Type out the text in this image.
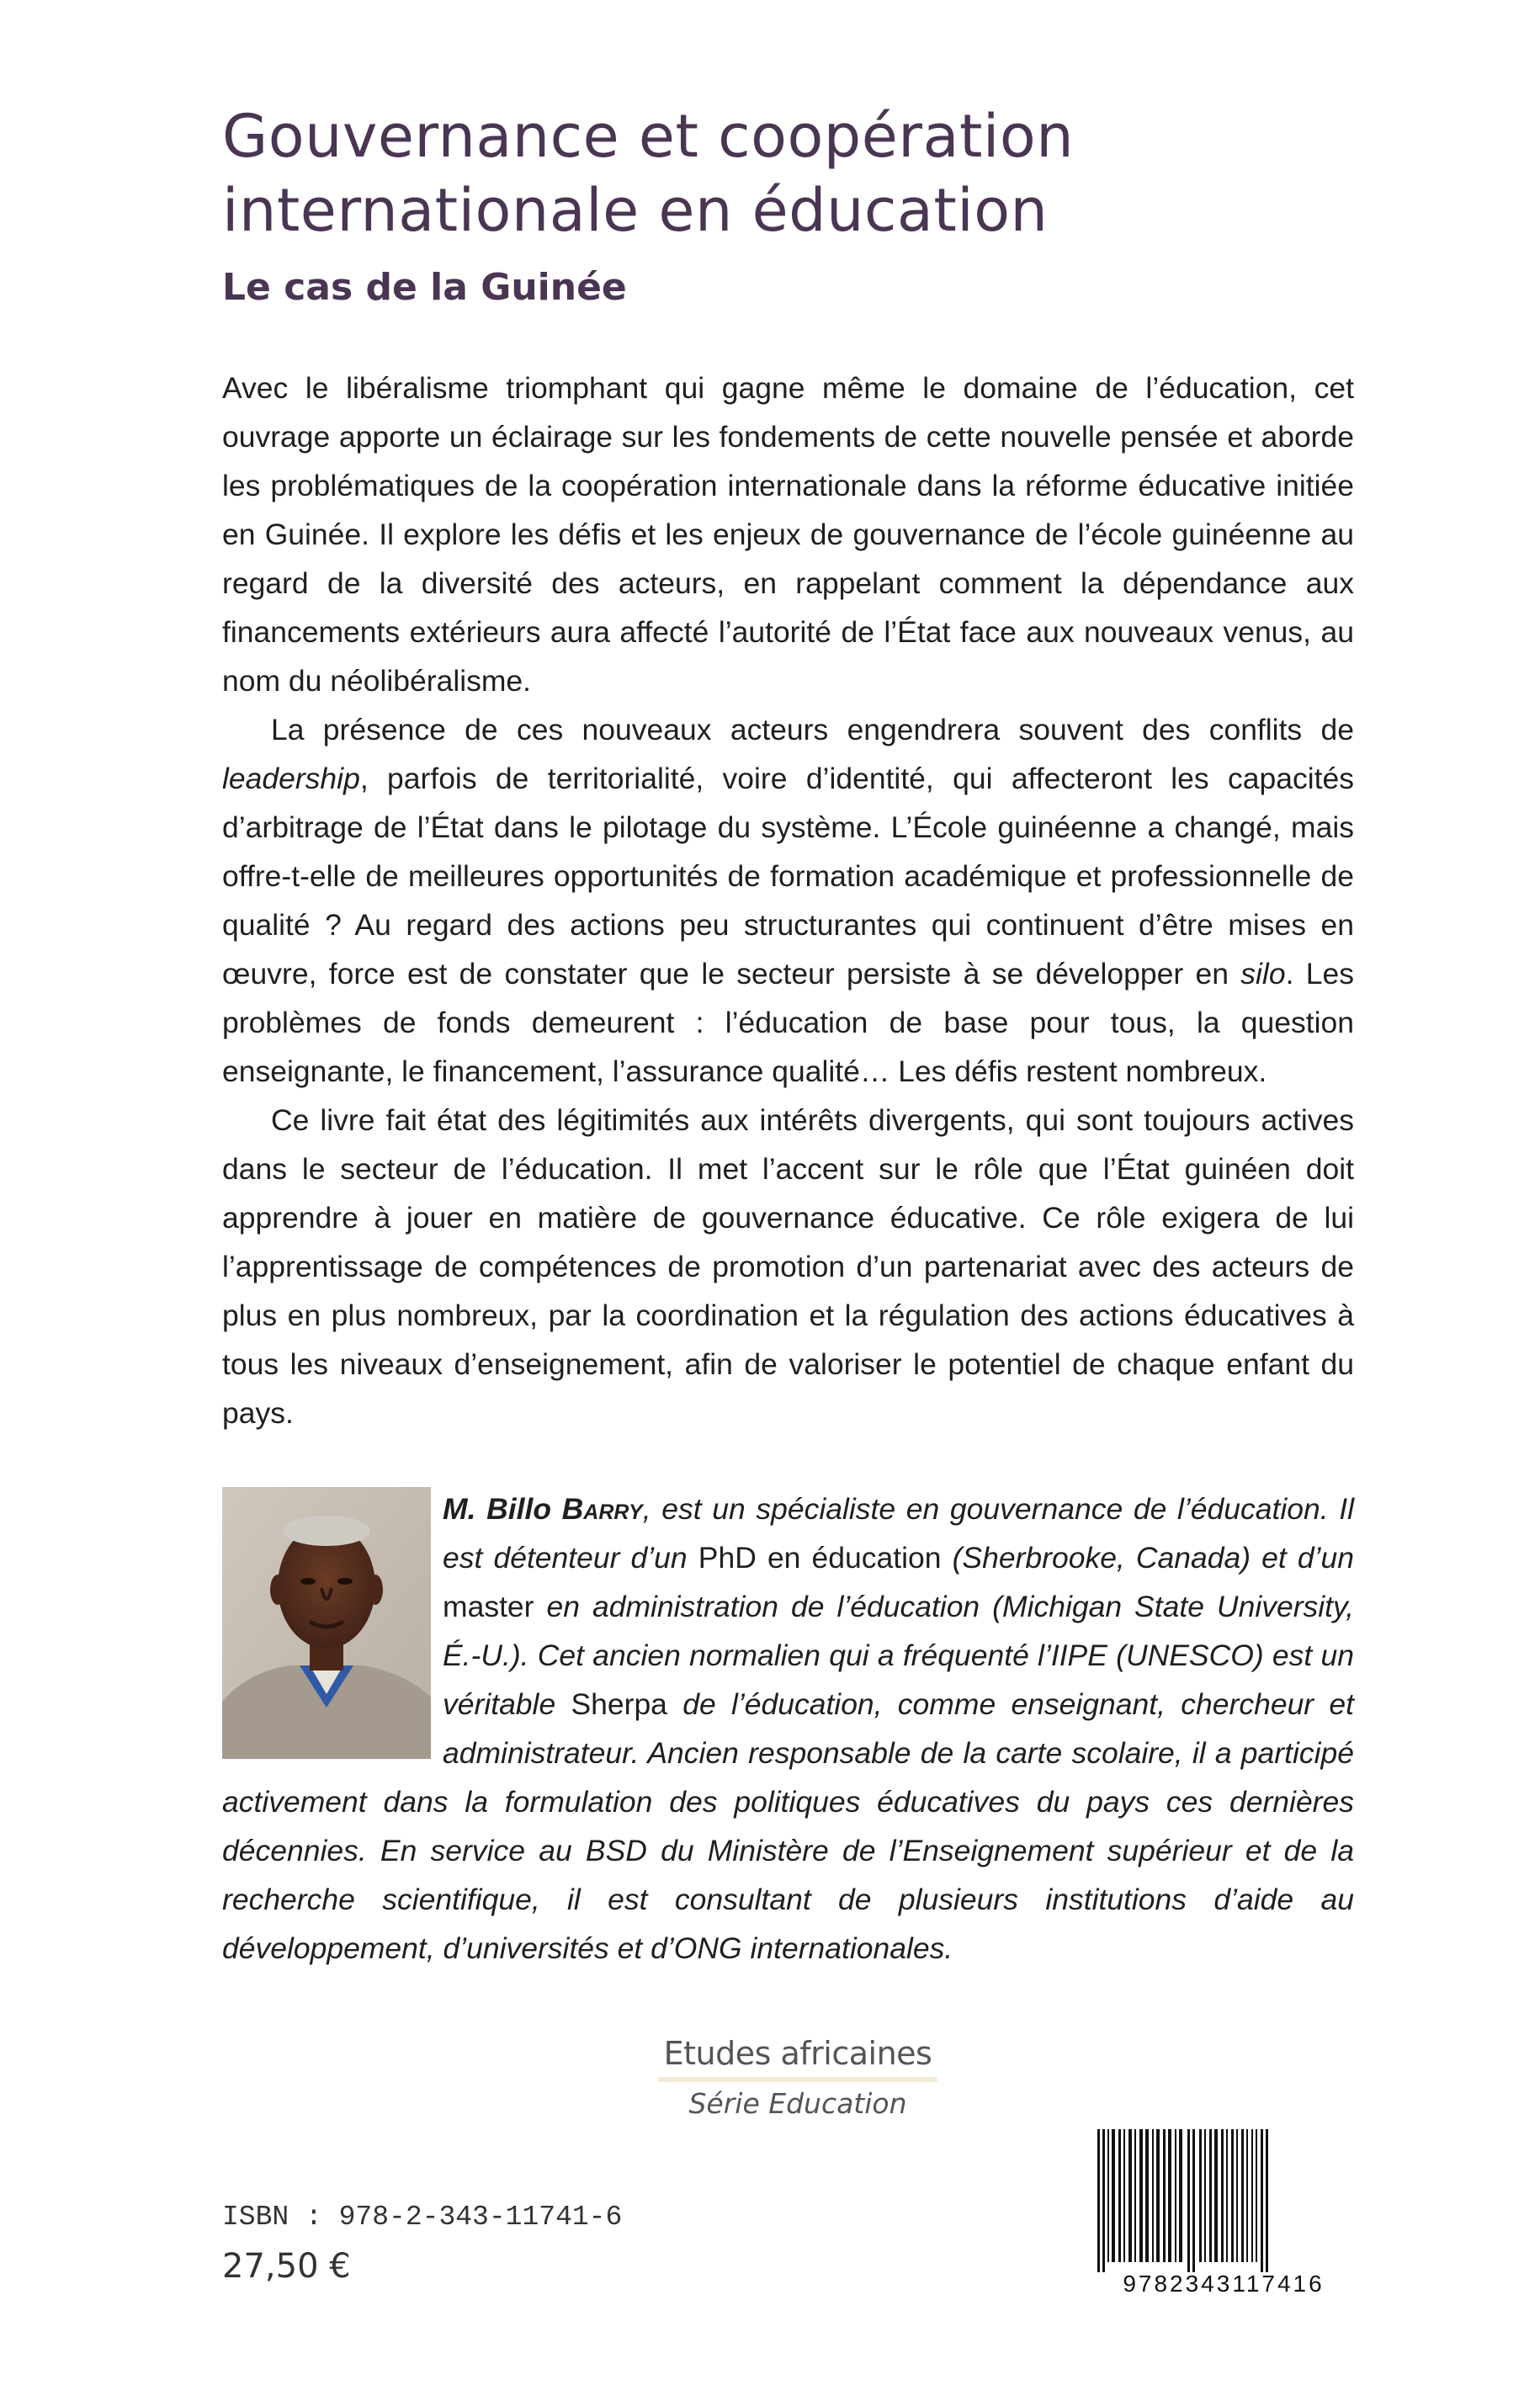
Gouvernance et coopération internationale en éducation
Le cas de la Guinée

Avec le libéralisme triomphant qui gagne même le domaine de l’éducation, cet ouvrage apporte un éclairage sur les fondements de cette nouvelle pensée et aborde les problématiques de la coopération internationale dans la réforme éducative initiée en Guinée. Il explore les défis et les enjeux de gouvernance de l’école guinéenne au regard de la diversité des acteurs, en rappelant comment la dépendance aux financements extérieurs aura affecté l’autorité de l’État face aux nouveaux venus, au nom du néolibéralisme.

La présence de ces nouveaux acteurs engendrera souvent des conflits de leadership, parfois de territorialité, voire d’identité, qui affecteront les capacités d’arbitrage de l’État dans le pilotage du système. L’École guinéenne a changé, mais offre-t-elle de meilleures opportunités de formation académique et professionnelle de qualité ? Au regard des actions peu structurantes qui continuent d’être mises en œuvre, force est de constater que le secteur persiste à se développer en silo. Les problèmes de fonds demeurent : l’éducation de base pour tous, la question enseignante, le financement, l’assurance qualité… Les défis restent nombreux.

Ce livre fait état des légitimités aux intérêts divergents, qui sont toujours actives dans le secteur de l’éducation. Il met l’accent sur le rôle que l’État guinéen doit apprendre à jouer en matière de gouvernance éducative. Ce rôle exigera de lui l’apprentissage de compétences de promotion d’un partenariat avec des acteurs de plus en plus nombreux, par la coordination et la régulation des actions éducatives à tous les niveaux d’enseignement, afin de valoriser le potentiel de chaque enfant du pays.

M. Billo Barry, est un spécialiste en gouvernance de l’éducation. Il est détenteur d’un PhD en éducation (Sherbrooke, Canada) et d’un master en administration de l’éducation (Michigan State University, É.-U.). Cet ancien normalien qui a fréquenté l’IIPE (UNESCO) est un véritable Sherpa de l’éducation, comme enseignant, chercheur et administrateur. Ancien responsable de la carte scolaire, il a participé activement dans la formulation des politiques éducatives du pays ces dernières décennies. En service au BSD du Ministère de l’Enseignement supérieur et de la recherche scientifique, il est consultant de plusieurs institutions d’aide au développement, d’universités et d’ONG internationales.

Etudes africaines
Série Education
ISBN : 978-2-343-11741-6
27,50 €	9782343117416
